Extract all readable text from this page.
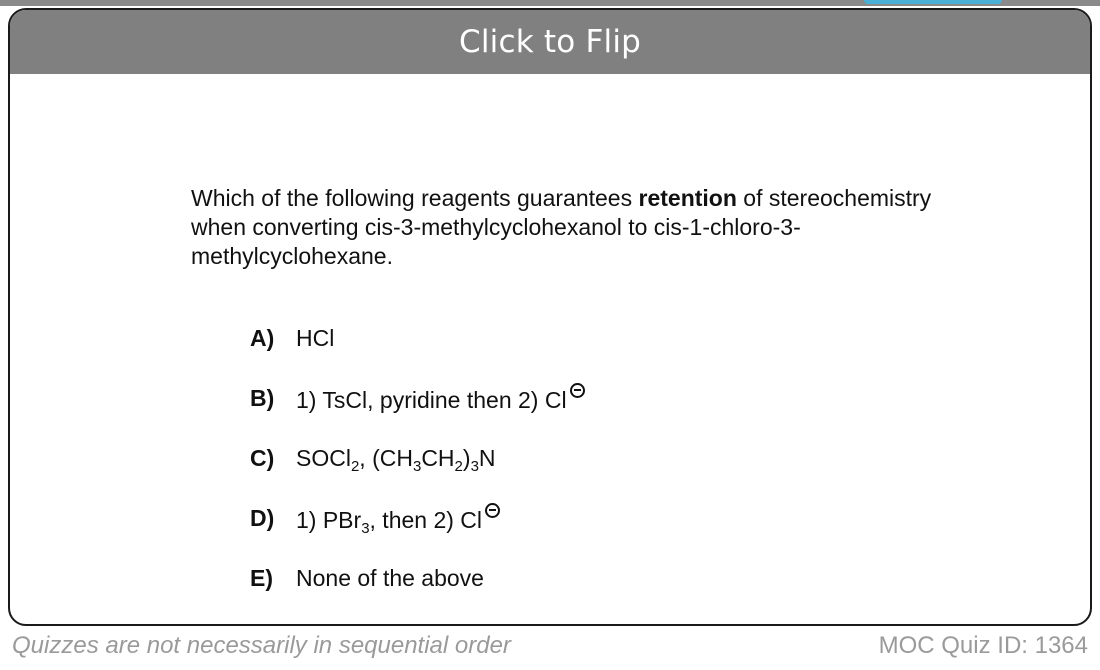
Click to Flip
Which of the following reagents guarantees retention of stereochemistry when converting cis-3-methylcyclohexanol to cis-1-chloro-3-methylcyclohexane.
A) HCl
B) 1) TsCl, pyridine then 2) Cl
C) SOCl$_2$, $(CH_3CH_2)_3N$
D) 1) PBr$_3$, then 2) Cl
E)	None of the above
Quizzes are not necessarily in sequential order	MOC Quiz ID: 1364
